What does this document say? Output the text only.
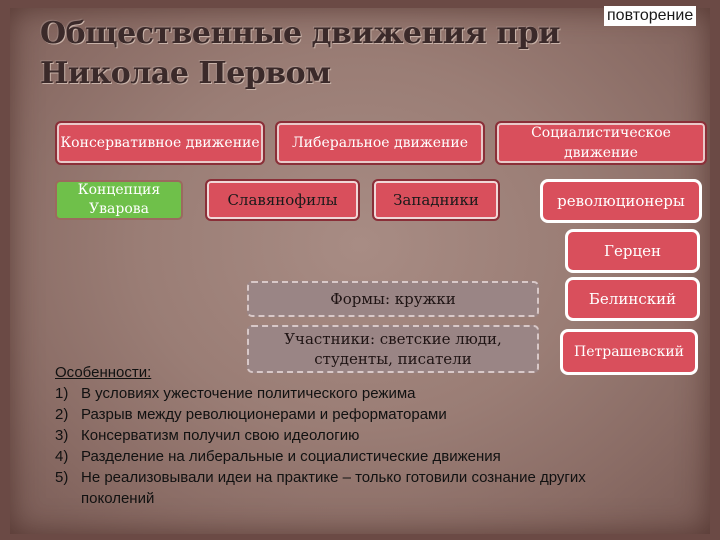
повторение
Общественные движения при Николае Первом
Консервативное движение	Либеральное движение
Социалистическое движение
Концепция Уварова	Славянофилы	Западники	революционеры
Герцен
Белинский
Петрашевский
Формы: кружки
Участники: светские люди, студенты, писатели
Особенности:
1) В условиях ужесточение политического режима
2) Разрыв между революционерами и реформаторами
3) Консерватизм получил свою идеологию
4) Разделение на либеральные и социалистические движения
5) Не реализовывали идеи на практике – только готовили сознание других поколений
